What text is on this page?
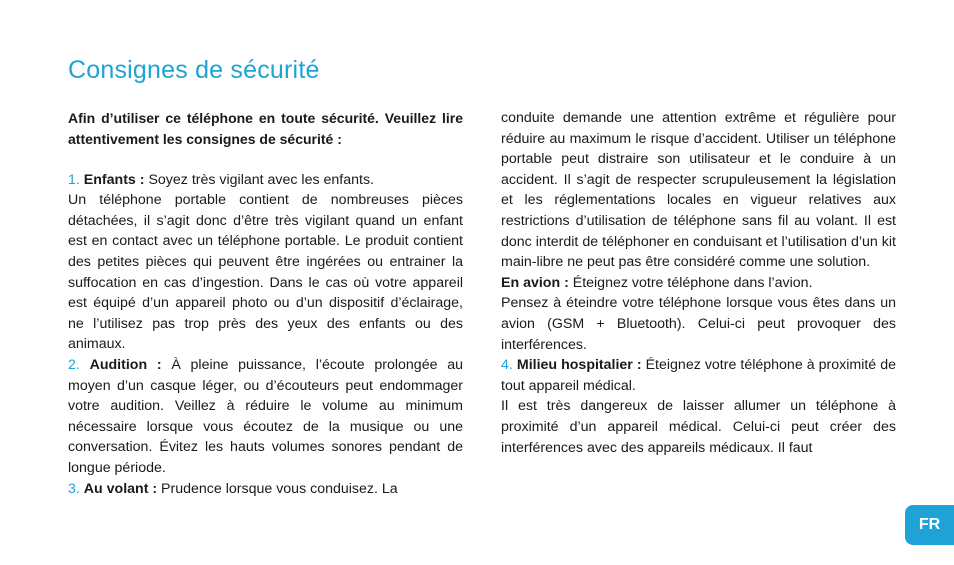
Consignes de sécurité

Afin d’utiliser ce téléphone en toute sécurité. Veuillez lire attentivement les consignes de sécurité :

1. Enfants : Soyez très vigilant avec les enfants.

Un téléphone portable contient de nombreuses pièces détachées, il s’agit donc d’être très vigilant quand un enfant est en contact avec un téléphone portable. Le produit contient des petites pièces qui peuvent être ingérées ou entrainer la suffocation en cas d’ingestion. Dans le cas où votre appareil est équipé d’un appareil photo ou d’un dispositif d’éclairage, ne l’utilisez pas trop près des yeux des enfants ou des animaux.

2. Audition : À pleine puissance, l’écoute prolongée au moyen d’un casque léger, ou d’écouteurs peut endommager votre audition. Veillez à réduire le volume au minimum nécessaire lorsque vous écoutez de la musique ou une conversation. Évitez les hauts volumes sonores pendant de longue période.

3. Au volant : Prudence lorsque vous conduisez. La

conduite demande une attention extrême et régulière pour réduire au maximum le risque d’accident. Utiliser un téléphone portable peut distraire son utilisateur et le conduire à un accident. Il s’agit de respecter scrupuleusement la législation et les réglementations locales en vigueur relatives aux restrictions d’utilisation de téléphone sans fil au volant. Il est donc interdit de téléphoner en conduisant et l’utilisation d’un kit main-libre ne peut pas être considéré comme une solution.

En avion : Éteignez votre téléphone dans l’avion.

Pensez à éteindre votre téléphone lorsque vous êtes dans un avion (GSM + Bluetooth). Celui-ci peut provoquer des interférences.

4. Milieu hospitalier : Éteignez votre téléphone à proximité de tout appareil médical.

Il est très dangereux de laisser allumer un téléphone à proximité d’un appareil médical. Celui-ci peut créer des interférences avec des appareils médicaux. Il faut

FR
